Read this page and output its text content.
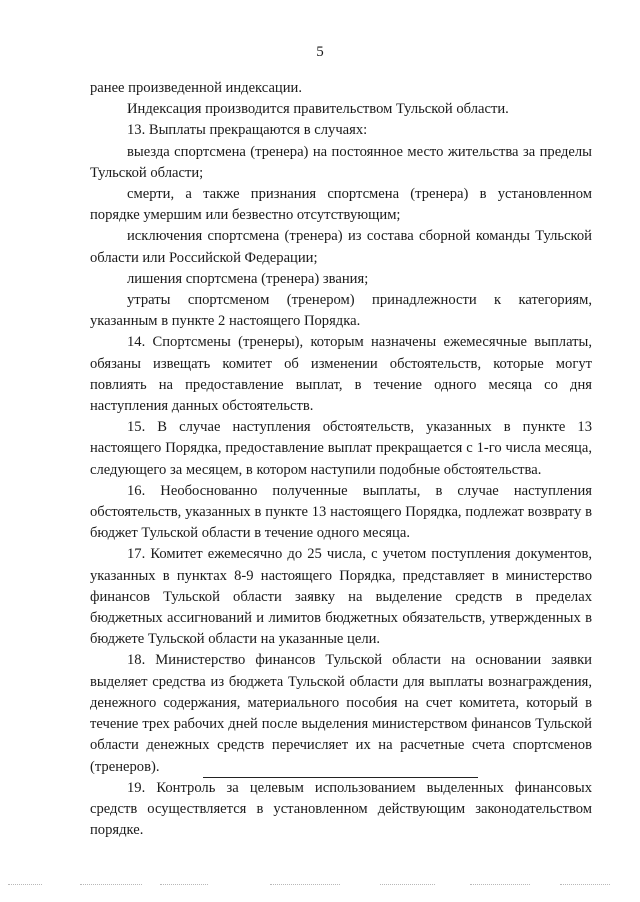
5

ранее произведенной индексации.

Индексация производится правительством Тульской области.

13. Выплаты прекращаются в случаях:

выезда спортсмена (тренера) на постоянное место жительства за пределы Тульской области;

смерти, а также признания спортсмена (тренера) в установленном порядке умершим или безвестно отсутствующим;

исключения спортсмена (тренера) из состава сборной команды Тульской области или Российской Федерации;

лишения спортсмена (тренера) звания;

утраты спортсменом (тренером) принадлежности к категориям, указанным в пункте 2 настоящего Порядка.

14. Спортсмены (тренеры), которым назначены ежемесячные выплаты, обязаны извещать комитет об изменении обстоятельств, которые могут повлиять на предоставление выплат, в течение одного месяца со дня наступления данных обстоятельств.

15. В случае наступления обстоятельств, указанных в пункте 13 настоящего Порядка, предоставление выплат прекращается с 1-го числа месяца, следующего за месяцем, в котором наступили подобные обстоятельства.

16. Необоснованно полученные выплаты, в случае наступления обстоятельств, указанных в пункте 13 настоящего Порядка, подлежат возврату в бюджет Тульской области в течение одного месяца.

17. Комитет ежемесячно до 25 числа, с учетом поступления документов, указанных в пунктах 8-9 настоящего Порядка, представляет в министерство финансов Тульской области заявку на выделение средств в пределах бюджетных ассигнований и лимитов бюджетных обязательств, утвержденных в бюджете Тульской области на указанные цели.

18. Министерство финансов Тульской области на основании заявки выделяет средства из бюджета Тульской области для выплаты вознаграждения, денежного содержания, материального пособия на счет комитета, который в течение трех рабочих дней после выделения министерством финансов Тульской области денежных средств перечисляет их на расчетные счета спортсменов (тренеров).

19. Контроль за целевым использованием выделенных финансовых средств осуществляется в установленном действующим законодательством порядке.
